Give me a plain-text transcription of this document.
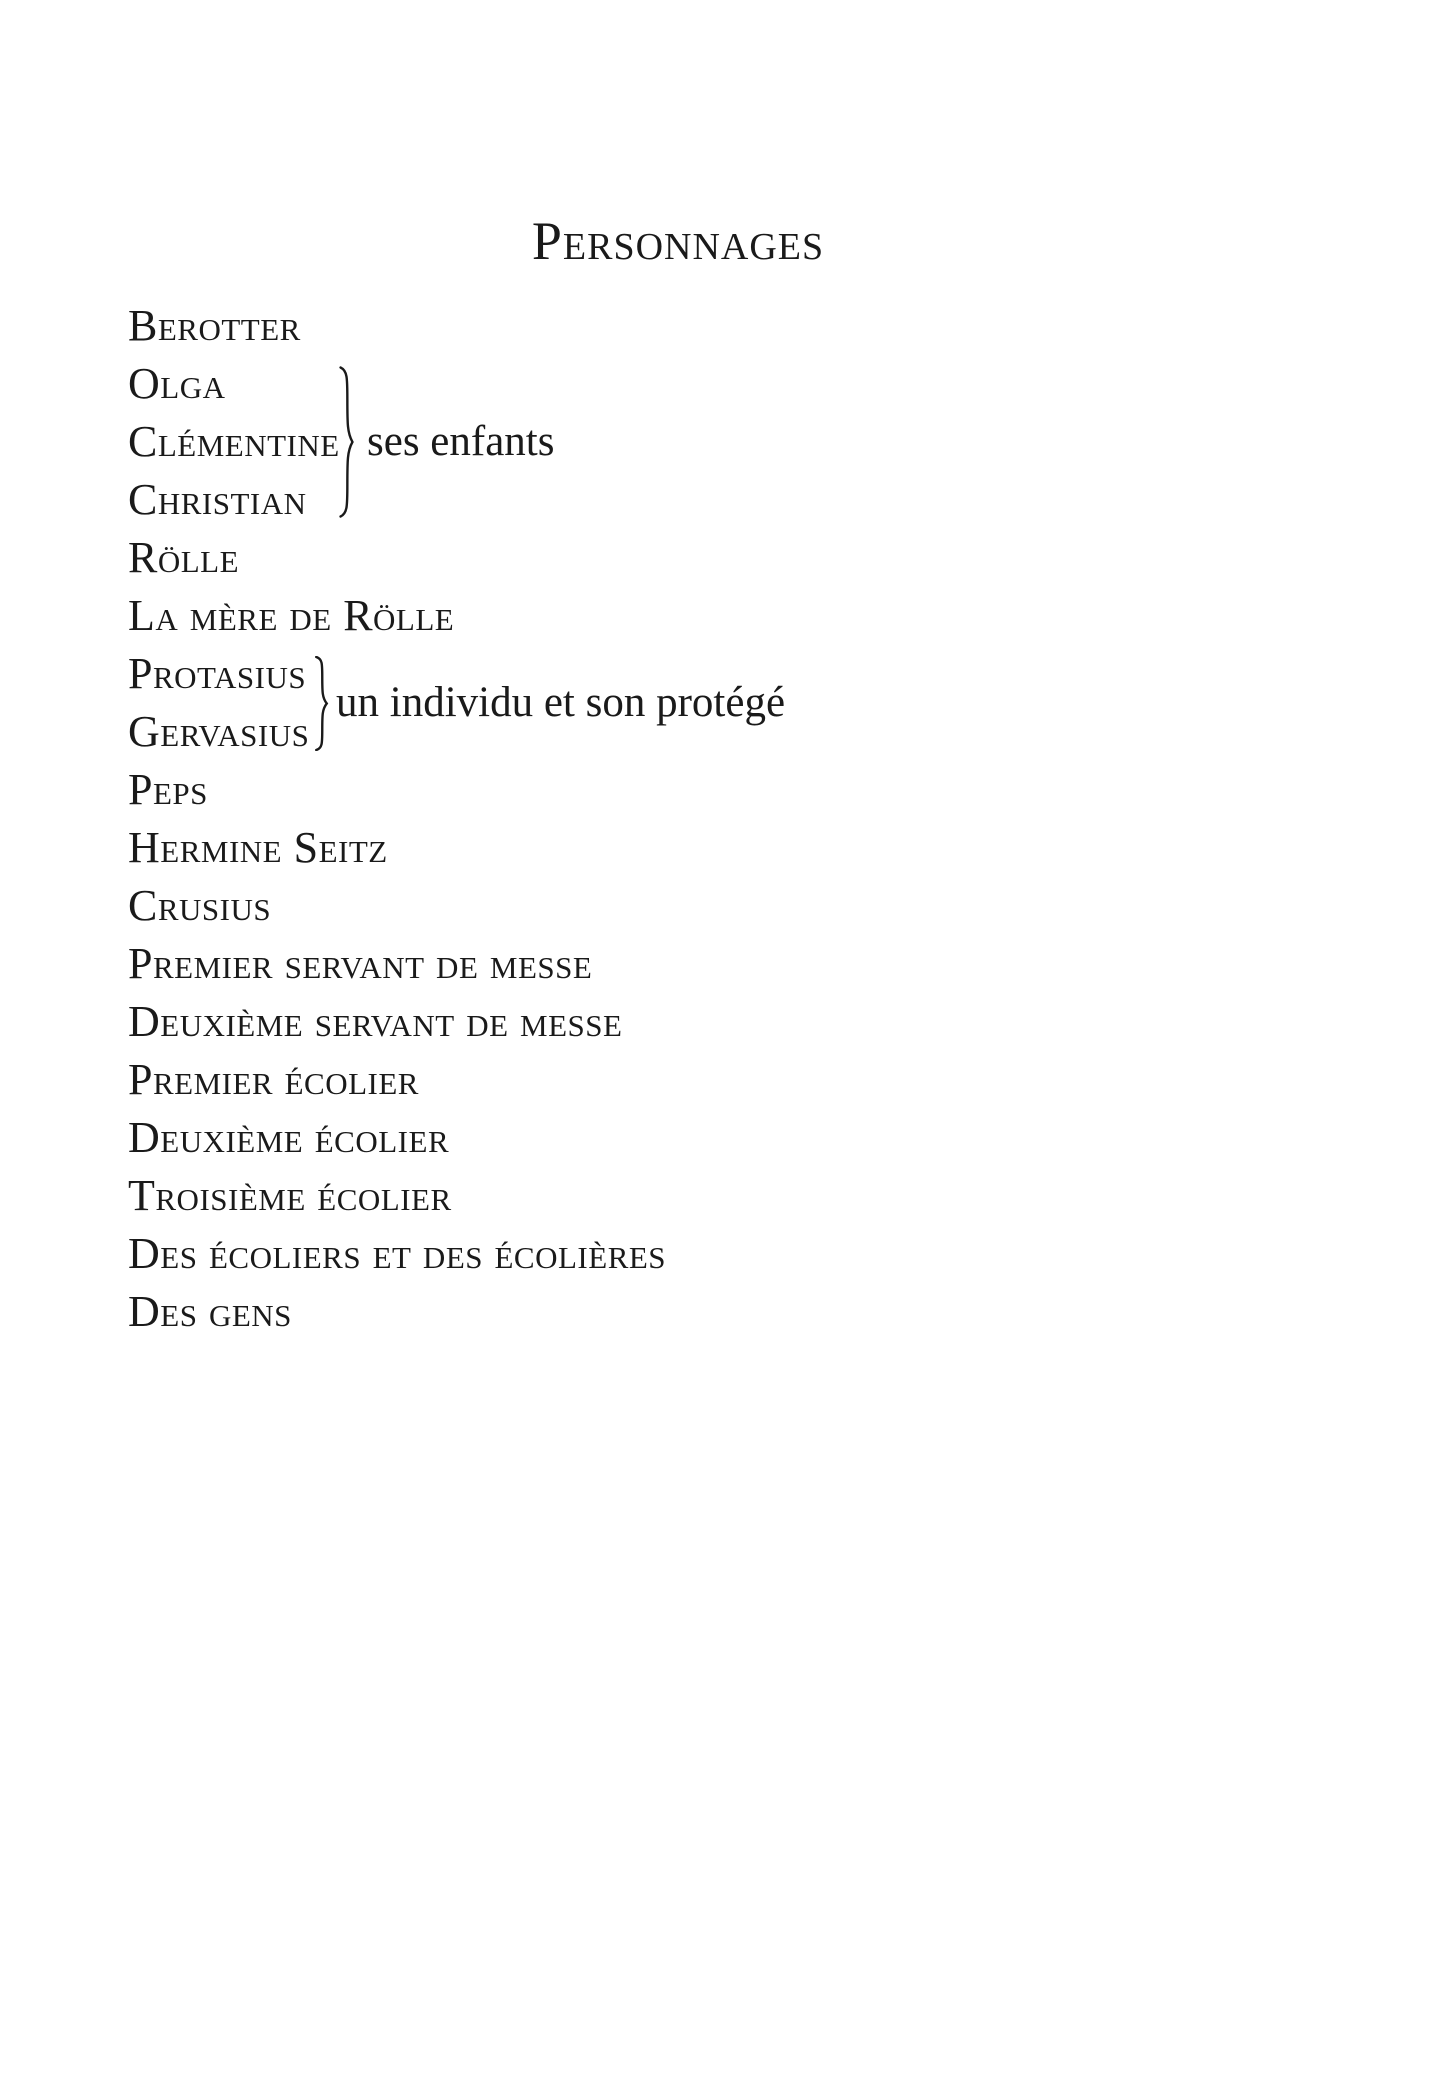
Personnages
Berotter
Olga
Clémentine
Christian
ses enfants
Rölle
La mère de Rölle
Protasius
Gervasius
un individu et son protégé
Peps
Hermine Seitz
Crusius
Premier servant de messe
Deuxième servant de messe
Premier écolier
Deuxième écolier
Troisième écolier
Des écoliers et des écolières
Des gens
